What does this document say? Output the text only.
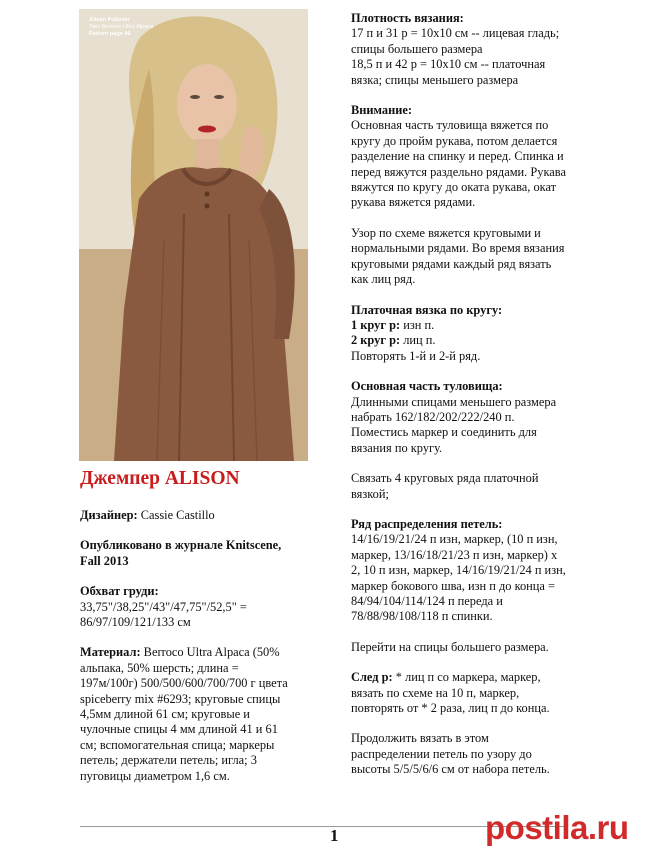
Alison Pullover
Yarn Berroco Ultra Alpaca
Pattern page 46
Джемпер ALISON

Дизайнер: Cassie Castillo

Опубликовано в журнале Knitscene,
Fall 2013
Обхват груди:
33,75"/38,25"/43"/47,75"/52,5" =
86/97/109/121/133 см
Материал: Berroco Ultra Alpaca (50%
альпака, 50% шерсть; длина =
197м/100г) 500/500/600/700/700 г цвета
spiceberry mix #6293; круговые спицы
4,5мм длиной 61 см; круговые и
чулочные спицы 4 мм длиной 41 и 61
см; вспомогательная спица; маркеры
петель; держатели петель; игла; 3
пуговицы диаметром 1,6 см.
Плотность вязания:
17 п и 31 р = 10x10 см -- лицевая гладь;
спицы большего размера
18,5 п и 42 р = 10x10 см -- платочная
вязка; спицы меньшего размера
Внимание:
Основная часть туловища вяжется по
кругу до пройм рукава, потом делается
разделение на спинку и перед. Спинка и
перед вяжутся раздельно рядами. Рукава
вяжутся по кругу до оката рукава, окат
рукава вяжется рядами.
Узор по схеме вяжется круговыми и
нормальными рядами. Во время вязания
круговыми рядами каждый ряд вязать
как лиц ряд.
Платочная вязка по кругу:
1 круг р: изн п.
2 круг р: лиц п.
Повторять 1-й и 2-й ряд.
Основная часть туловища:
Длинными спицами меньшего размера
набрать 162/182/202/222/240 п.
Поместись маркер и соединить для
вязания по кругу.
Связать 4 круговых ряда платочной
вязкой;
Ряд распределения петель:
14/16/19/21/24 п изн, маркер, (10 п изн,
маркер, 13/16/18/21/23 п изн, маркер) x
2, 10 п изн, маркер, 14/16/19/21/24 п изн,
маркер бокового шва, изн п до конца =
84/94/104/114/124 п переда и
78/88/98/108/118 п спинки.
Перейти на спицы большего размера.
След р: * лиц п со маркера, маркер,
вязать по схеме на 10 п, маркер,
повторять от * 2 раза, лиц п до конца.
Продолжить вязать в этом
распределении петель по узору до
высоты 5/5/5/6/6 см от набора петель.
1	postila.ru
